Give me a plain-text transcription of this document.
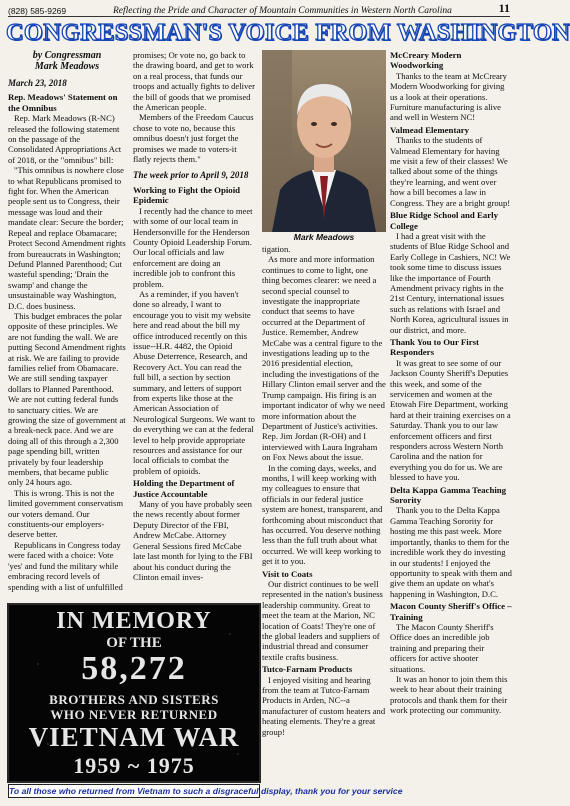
(828) 585-9269	Reflecting the Pride and Character of Mountain Communities in Western North Carolina	11
CONGRESSMAN'S VOICE FROM WASHINGTON
by Congressman
Mark Meadows
March 23, 2018
Rep. Meadows' Statement on the Omnibus

Rep. Mark Meadows (R-NC) released the following statement on the passage of the Consolidated Appropriations Act of 2018, or the "omnibus" bill:

"This omnibus is nowhere close to what Republicans promised to fight for. When the American people sent us to Congress, their message was loud and their mandate clear: Secure the border; Repeal and replace Obamacare; Protect Second Amendment rights from bureaucrats in Washington; Defund Planned Parenthood; Cut wasteful spending; 'Drain the swamp' and change the unsustainable way Washington, D.C. does business.

This budget embraces the polar opposite of these principles. We are not funding the wall. We are putting Second Amendment rights at risk. We are failing to provide families relief from Obamacare. We are still sending taxpayer dollars to Planned Parenthood. We are not cutting federal funds to sanctuary cities. We are growing the size of government at a break-neck pace. And we are doing all of this through a 2,300 page spending bill, written privately by four leadership members, that became public only 24 hours ago.

This is wrong. This is not the limited government conservatism our voters demand. Our constituents-our employers-deserve better.

Republicans in Congress today were faced with a choice: Vote 'yes' and fund the military while embracing record levels of spending with a list of unfulfilled

promises; Or vote no, go back to the drawing board, and get to work on a real process, that funds our troops and actually fights to deliver the bill of goods that we promised the American people.

Members of the Freedom Caucus chose to vote no, because this omnibus doesn't just forget the promises we made to voters-it flatly rejects them."

The week prior to April 9, 2018
Working to Fight the Opioid Epidemic

I recently had the chance to meet with some of our local team in Hendersonville for the Henderson County Opioid Leadership Forum. Our local officials and law enforcement are doing an incredible job to confront this problem.

As a reminder, if you haven't done so already, I want to encourage you to visit my website here and read about the bill my office introduced recently on this issue--H.R. 4482, the Opioid Abuse Deterrence, Research, and Recovery Act. You can read the full bill, a section by section summary, and letters of support from experts like those at the American Association of Neurological Surgeons. We want to do everything we can at the federal level to help provide appropriate resources and assistance for our local officials to combat the problem of opioids.

Holding the Department of Justice Accountable

Many of you have probably seen the news recently about former Deputy Director of the FBI, Andrew McCabe. Attorney General Sessions fired McCabe late last month for lying to the FBI about his conduct during the Clinton email inves-

Mark Meadows

tigation.

As more and more information continues to come to light, one thing becomes clearer: we need a second special counsel to investigate the inappropriate conduct that seems to have occurred at the Department of Justice. Remember, Andrew McCabe was a central figure to the investigations leading up to the 2016 presidential election, including the investigations of the Hillary Clinton email server and the Trump campaign. His firing is an important indicator of why we need more information about the Department of Justice's activities. Rep. Jim Jordan (R-OH) and I interviewed with Laura Ingraham on Fox News about the issue.

In the coming days, weeks, and months, I will keep working with my colleagues to ensure that officials in our federal justice system are honest, transparent, and forthcoming about misconduct that has occurred. You deserve nothing less than the full truth about what occurred. We will keep working to get it to you.

Visit to Coats

Our district continues to be well represented in the nation's business leadership community. Great to meet the team at the Marion, NC location of Coats! They're one of the global leaders and suppliers of industrial thread and consumer textile crafts business.

Tutco-Farnam Products

I enjoyed visiting and hearing from the team at Tutco-Farnam Products in Arden, NC--a manufacturer of custom heaters and heating elements. They're a great group!

McCreary Modern Woodworking

Thanks to the team at McCreary Modern Woodworking for giving us a look at their operations. Furniture manufacturing is alive and well in Western NC!

Valmead Elementary

Thanks to the students of Valmead Elementary for having me visit a few of their classes! We talked about some of the things they're learning, and went over how a bill becomes a law in Congress. They are a bright group!

Blue Ridge School and Early College

I had a great visit with the students of Blue Ridge School and Early College in Cashiers, NC! We took some time to discuss issues like the importance of Fourth Amendment privacy rights in the 21st Century, international issues such as relations with Israel and North Korea, agricultural issues in our district, and more.

Thank You to Our First Responders

It was great to see some of our Jackson County Sheriff's Deputies this week, and some of the servicemen and women at the Etowah Fire Department, working hard at their training exercises on a Saturday. Thank you to our law enforcement officers and first responders across Western North Carolina and the nation for everything you do for us. We are blessed to have you.

Delta Kappa Gamma Teaching Sorority

Thank you to the Delta Kappa Gamma Teaching Sorority for hosting me this past week. More importantly, thanks to them for the incredible work they do investing in our students! I enjoyed the opportunity to speak with them and give them an update on what's happening in Washington, D.C.

Macon County Sheriff's Office – Training

The Macon County Sheriff's Office does an incredible job training and preparing their officers for active shooter situations.

It was an honor to join them this week to hear about their training protocols and thank them for their work protecting our community.

IN MEMORY
OF THE
58,272
BROTHERS AND SISTERS
WHO NEVER RETURNED
VIETNAM WAR
1959 ~ 1975
To all those who returned from Vietnam to such a disgraceful display, thank you for your service
